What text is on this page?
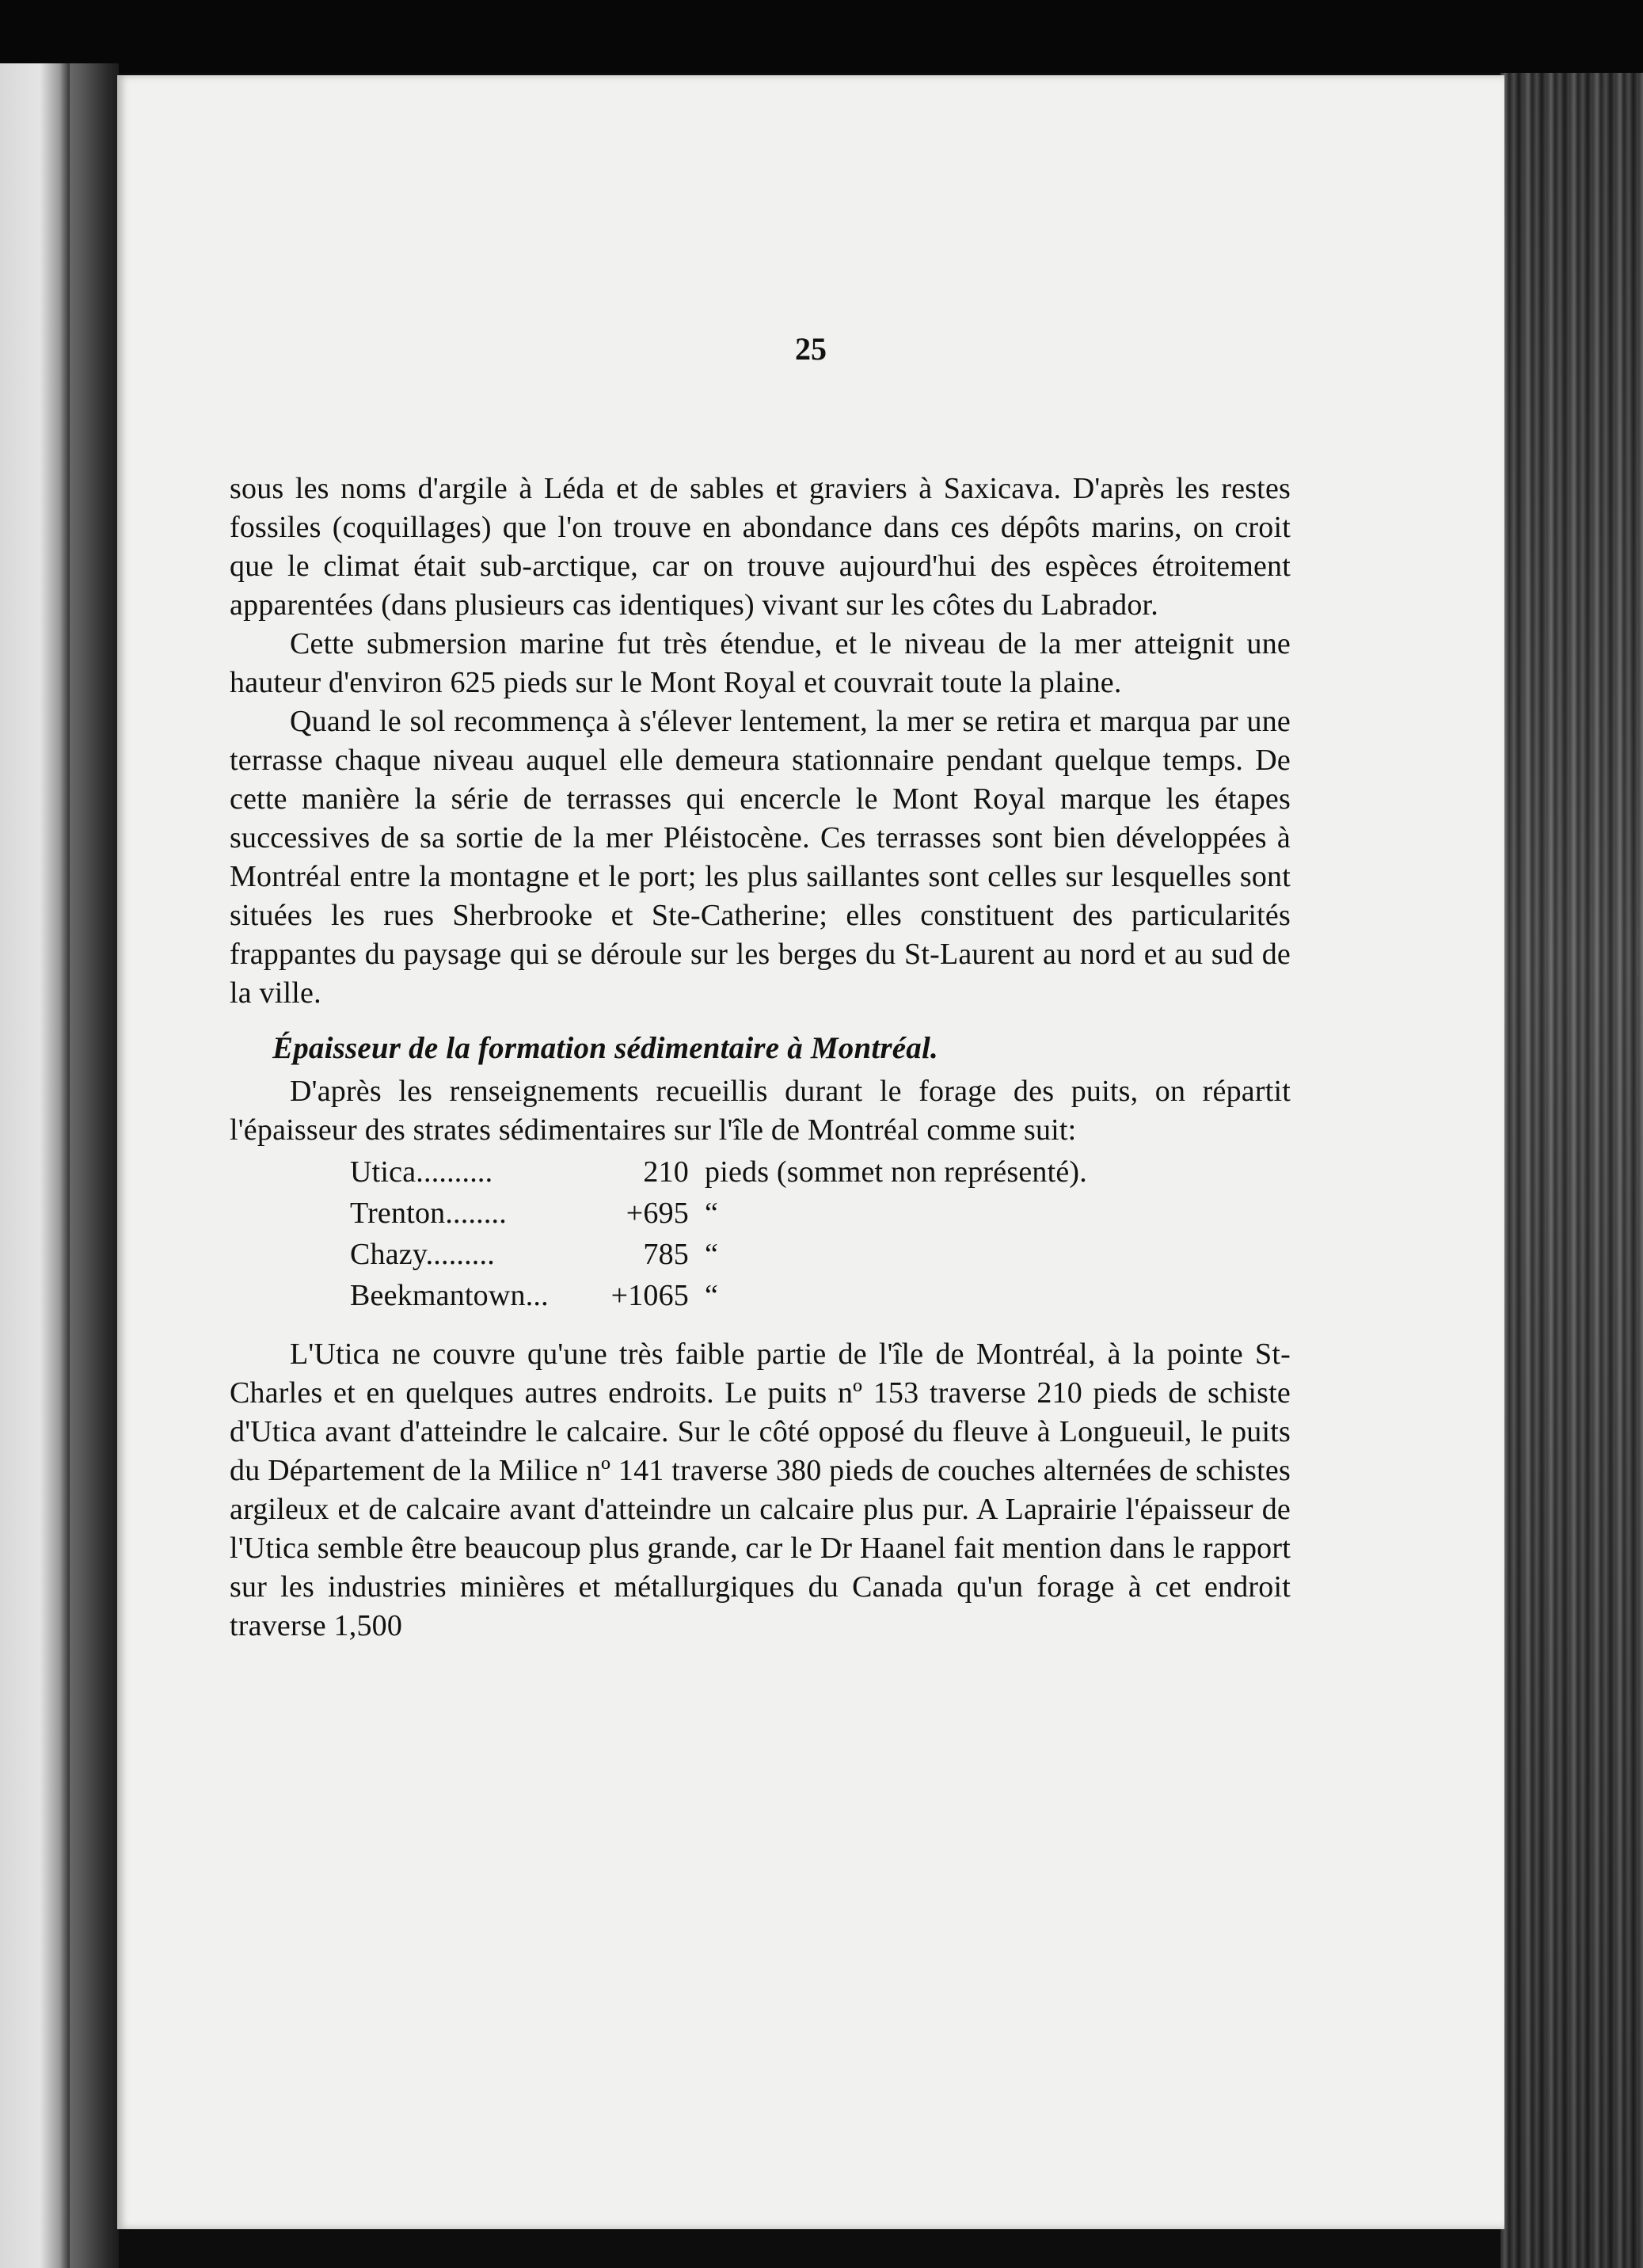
25

sous les noms d'argile à Léda et de sables et graviers à Saxicava. D'après les restes fossiles (coquillages) que l'on trouve en abondance dans ces dépôts marins, on croit que le climat était sub-arctique, car on trouve aujourd'hui des espèces étroitement apparentées (dans plusieurs cas identiques) vivant sur les côtes du Labrador.

Cette submersion marine fut très étendue, et le niveau de la mer atteignit une hauteur d'environ 625 pieds sur le Mont Royal et couvrait toute la plaine.

Quand le sol recommença à s'élever lentement, la mer se retira et marqua par une terrasse chaque niveau auquel elle demeura stationnaire pendant quelque temps. De cette manière la série de terrasses qui encercle le Mont Royal marque les étapes successives de sa sortie de la mer Pléistocène. Ces terrasses sont bien développées à Montréal entre la montagne et le port; les plus saillantes sont celles sur lesquelles sont situées les rues Sherbrooke et Ste-Catherine; elles constituent des particularités frappantes du paysage qui se déroule sur les berges du St-Laurent au nord et au sud de la ville.

Épaisseur de la formation sédimentaire à Montréal.

D'après les renseignements recueillis durant le forage des puits, on répartit l'épaisseur des strates sédimentaires sur l'île de Montréal comme suit:

Utica..........	210 pieds (sommet non représenté).
Trenton........	+695 “
Chazy.........	785 “
Beekmantown...	+1065 “

L'Utica ne couvre qu'une très faible partie de l'île de Montréal, à la pointe St-Charles et en quelques autres endroits. Le puits nº 153 traverse 210 pieds de schiste d'Utica avant d'atteindre le calcaire. Sur le côté opposé du fleuve à Longueuil, le puits du Département de la Milice nº 141 traverse 380 pieds de couches alternées de schistes argileux et de calcaire avant d'atteindre un calcaire plus pur. A Laprairie l'épaisseur de l'Utica semble être beaucoup plus grande, car le Dr Haanel fait mention dans le rapport sur les industries minières et métallurgiques du Canada qu'un forage à cet endroit traverse 1,500
